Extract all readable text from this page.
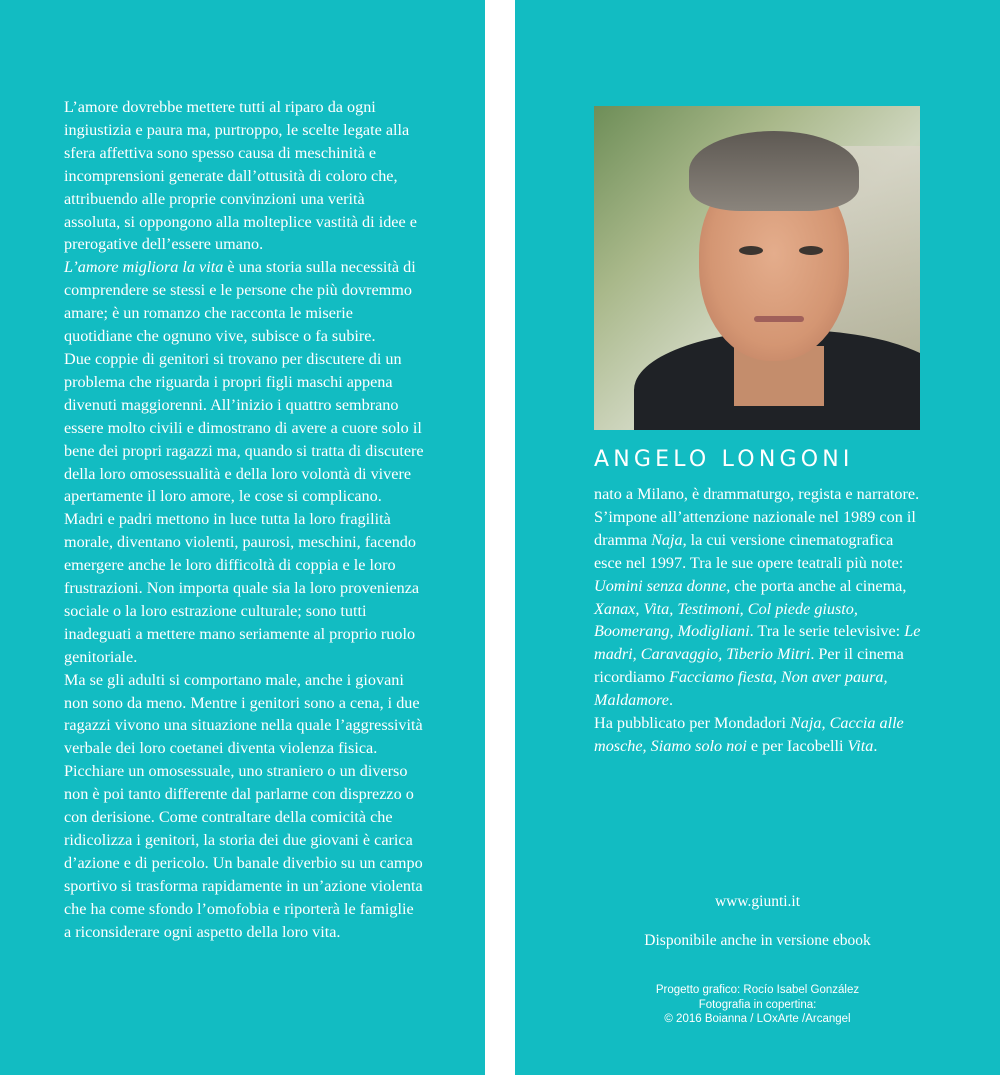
L’amore dovrebbe mettere tutti al riparo da ogni ingiustizia e paura ma, purtroppo, le scelte legate alla sfera affettiva sono spesso causa di meschinità e incomprensioni generate dall’ottusità di coloro che, attribuendo alle proprie convinzioni una verità assoluta, si oppongono alla molteplice vastità di idee e prerogative dell’essere umano.

L’amore migliora la vita è una storia sulla necessità di comprendere se stessi e le persone che più dovremmo amare; è un romanzo che racconta le miserie quotidiane che ognuno vive, subisce o fa subire.

Due coppie di genitori si trovano per discutere di un problema che riguarda i propri figli maschi appena divenuti maggiorenni. All’inizio i quattro sembrano essere molto civili e dimostrano di avere a cuore solo il bene dei propri ragazzi ma, quando si tratta di discutere della loro omosessualità e della loro volontà di vivere apertamente il loro amore, le cose si complicano.

Madri e padri mettono in luce tutta la loro fragilità morale, diventano violenti, paurosi, meschini, facendo emergere anche le loro difficoltà di coppia e le loro frustrazioni. Non importa quale sia la loro provenienza sociale o la loro estrazione culturale; sono tutti inadeguati a mettere mano seriamente al proprio ruolo genitoriale.

Ma se gli adulti si comportano male, anche i giovani non sono da meno. Mentre i genitori sono a cena, i due ragazzi vivono una situazione nella quale l’aggressività verbale dei loro coetanei diventa violenza fisica. Picchiare un omosessuale, uno straniero o un diverso non è poi tanto differente dal parlarne con disprezzo o con derisione. Come contraltare della comicità che ridicolizza i genitori, la storia dei due giovani è carica d’azione e di pericolo. Un banale diverbio su un campo sportivo si trasforma rapidamente in un’azione violenta che ha come sfondo l’omofobia e riporterà le famiglie a riconsiderare ogni aspetto della loro vita.

ANGELO LONGONI

nato a Milano, è drammaturgo, regista e narratore. S’impone all’attenzione nazionale nel 1989 con il dramma Naja, la cui versione cinematografica esce nel 1997. Tra le sue opere teatrali più note: Uomini senza donne, che porta anche al cinema, Xanax, Vita, Testimoni, Col piede giusto, Boomerang, Modigliani. Tra le serie televisive: Le madri, Caravaggio, Tiberio Mitri. Per il cinema ricordiamo Facciamo fiesta, Non aver paura, Maldamore.

Ha pubblicato per Mondadori Naja, Caccia alle mosche, Siamo solo noi e per Iacobelli Vita.

www.giunti.it
Disponibile anche in versione ebook
Progetto grafico: Rocío Isabel González
Fotografia in copertina:
© 2016 Boianna / LOxArte /Arcangel
